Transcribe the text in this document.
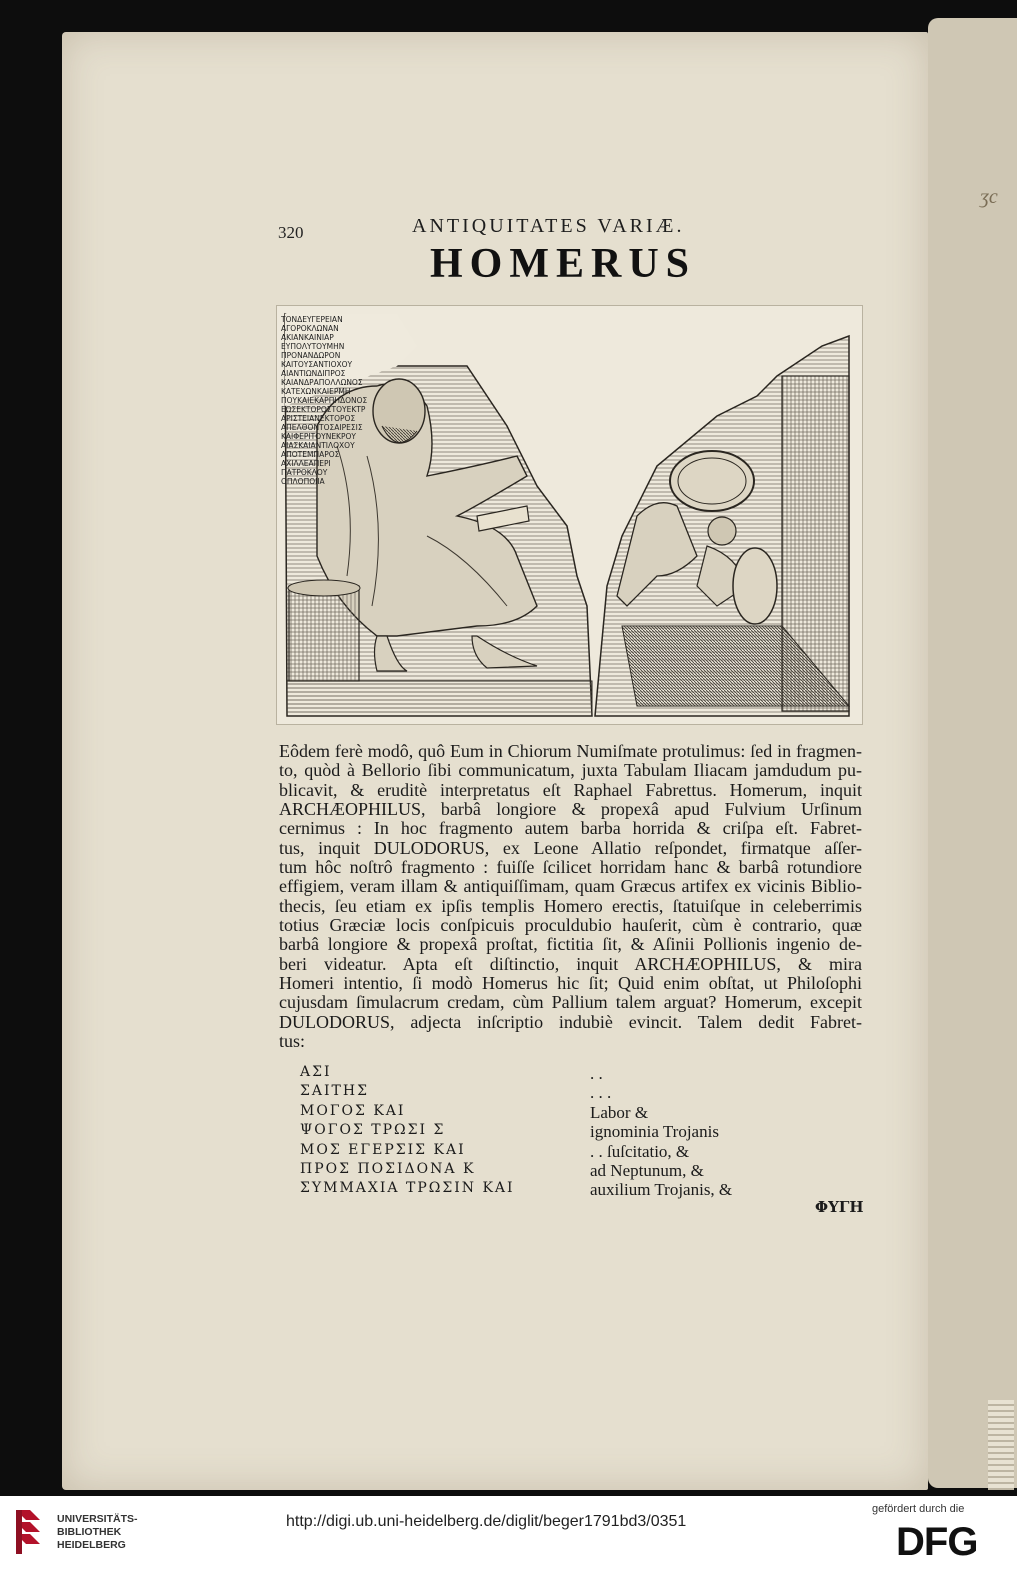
ʒc
320	ANTIQUITATES VARIÆ.
HOMERUS
ΤΟΝΔΕΥΓΕΡΕΙΑΝ
ΑΓΟΡΟΚΛΩΝΑΝ
ΑΚΙΑΝΚΑΙΝΙΑΡ
ΕΥΠΟΛΥΤΟΥΜΗΝ
ΠΡΟΝΑΝΔΩΡΟΝ
ΚΑΙΤΟΥΣΑΝΤΙΟΧΟΥ
ΑΙΑΝΤΙΩΝΔΙΠΡΟΣ
ΚΑΙΑΝΔΡΑΠΟΛΛΩΝΟΣ
ΚΑΤΕΧΩΝΚΑΙΕΡΜΗ
ΠΟΥΚΑΙΕΚΑΡΠΗΔΟΝΟΣ
ΕΩΣΕΚΤΟΡΟΣΤΟΥΕΚΤΡ
ΑΡΙΣΤΕΙΑΝΕΚΤΟΡΟΣ
ΑΠΕΛΘΟΝΤΟΣΑΙΡΕΣΙΣ
ΚΑΙΦΕΡΙΤΟΥΝΕΚΡΟΥ
ΑΙΑΣΚΑΙΑΝΤΙΛΟΧΟΥ
ΑΠΟΤΕΜΠΑΡΟΣ
ΑΧΙΛΛΕΑΠΕΡΙ
ΠΑΤΡΟΚΛΟΥ
ΟΠΛΟΠΟΙΙΑ
Eôdem ferè modô, quô Eum in Chiorum Numiſmate protulimus: ſed in fragmen-
to, quòd à Bellorio ſibi communicatum, juxta Tabulam Iliacam jamdudum pu-
blicavit, & eruditè interpretatus eſt Raphael Fabrettus. Homerum, inquit
ARCHÆOPHILUS, barbâ longiore & propexâ apud Fulvium Urſinum
cernimus : In hoc fragmento autem barba horrida & criſpa eſt. Fabret-
tus, inquit DULODORUS, ex Leone Allatio reſpondet, firmatque aſſer-
tum hôc noſtrô fragmento : fuiſſe ſcilicet horridam hanc & barbâ rotundiore
effigiem, veram illam & antiquiſſimam, quam Græcus artifex ex vicinis Biblio-
thecis, ſeu etiam ex ipſis templis Homero erectis, ſtatuiſque in celeberrimis
totius Græciæ locis conſpicuis proculdubio hauſerit, cùm è contrario, quæ
barbâ longiore & propexâ proſtat, fictitia ſit, & Aſinii Pollionis ingenio de-
beri videatur. Apta eſt diſtinctio, inquit ARCHÆOPHILUS, & mira
Homeri intentio, ſi modò Homerus hic ſit; Quid enim obſtat, ut Philoſophi
cujusdam ſimulacrum credam, cùm Pallium talem arguat? Homerum, excepit
DULODORUS, adjecta inſcriptio indubiè evincit. Talem dedit Fabret-
tus:
ΑΣΙ	. .
ΣΑΙΤΗΣ	. . .
ΜΟΓΟΣ ΚΑΙ	Labor &
ΨΟΓΟΣ ΤΡΩΣΙ Σ	ignominia Trojanis
ΜΟΣ ΕΓΕΡΣΙΣ ΚΑΙ	. . ſuſcitatio, &
ΠΡΟΣ ΠΟΣΙΔΟΝΑ Κ	ad Neptunum, &
ΣΥΜΜΑΧΙΑ ΤΡΩΣΙΝ ΚΑΙ	auxilium Trojanis, &
ΦΥΓΗ
UNIVERSITÄTS-
BIBLIOTHEK
HEIDELBERG
http://digi.ub.uni-heidelberg.de/diglit/beger1791bd3/0351
gefördert durch die
DFG
